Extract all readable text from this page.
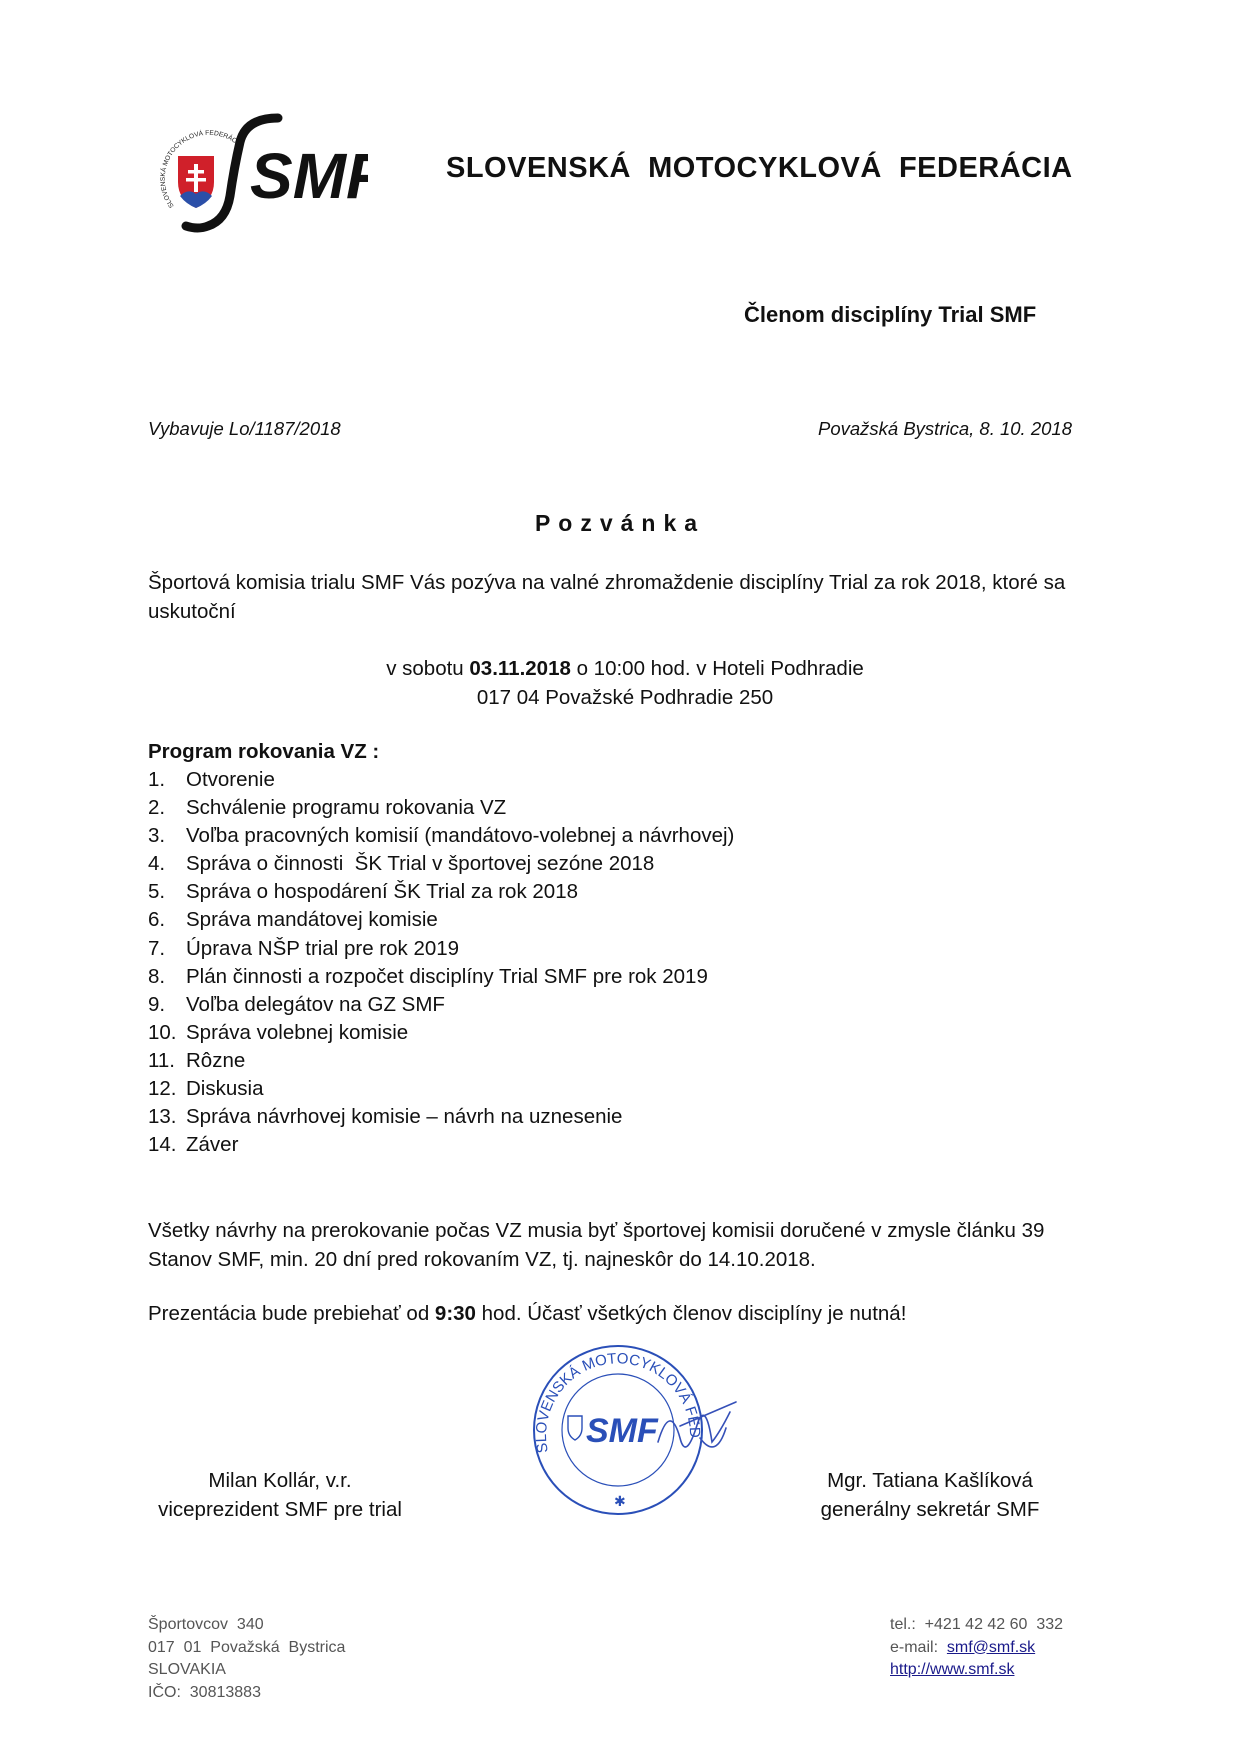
SLOVENSKÁ MOTOCYKLOVÁ FEDERÁCIA SM	SLOVENSKÁ  MOTOCYKLOVÁ  FEDERÁCIA
Členom disciplíny Trial SMF
Vybavuje Lo/1187/2018	Považská Bystrica, 8. 10. 2018
Pozvánka
Športová komisia trialu SMF Vás pozýva na valné zhromaždenie disciplíny Trial za rok 2018, ktoré sa uskutoční
v sobotu 03.11.2018 o 10:00 hod. v Hoteli Podhradie
017 04 Považské Podhradie 250
Program rokovania VZ :
1.	Otvorenie
2.	Schválenie programu rokovania VZ
3.	Voľba pracovných komisií (mandátovo-volebnej a návrhovej)
4.	Správa o činnosti  ŠK Trial v športovej sezóne 2018
5.	Správa o hospodárení ŠK Trial za rok 2018
6.	Správa mandátovej komisie
7.	Úprava NŠP trial pre rok 2019
8.	Plán činnosti a rozpočet disciplíny Trial SMF pre rok 2019
9.	Voľba delegátov na GZ SMF
10. Správa volebnej komisie
11. Rôzne
12. Diskusia
13. Správa návrhovej komisie – návrh na uznesenie
14. Záver
Všetky návrhy na prerokovanie počas VZ musia byť športovej komisii doručené v zmysle článku 39 Stanov SMF, min. 20 dní pred rokovaním VZ, tj. najneskôr do 14.10.2018.
Prezentácia bude prebiehať od 9:30 hod. Účasť všetkých členov disciplíny je nutná!
SLOVENSKÁ MOTOCYKLOVÁ FED
SMF
✱
Milan Kollár, v.r.
viceprezident SMF pre trial
Mgr. Tatiana Kašlíková
generálny sekretár SMF
Športovcov  340
017  01  Považská  Bystrica
SLOVAKIA
IČO:  30813883
tel.:  +421 42 42 60  332
e-mail:  smf@smf.sk
http://www.smf.sk
